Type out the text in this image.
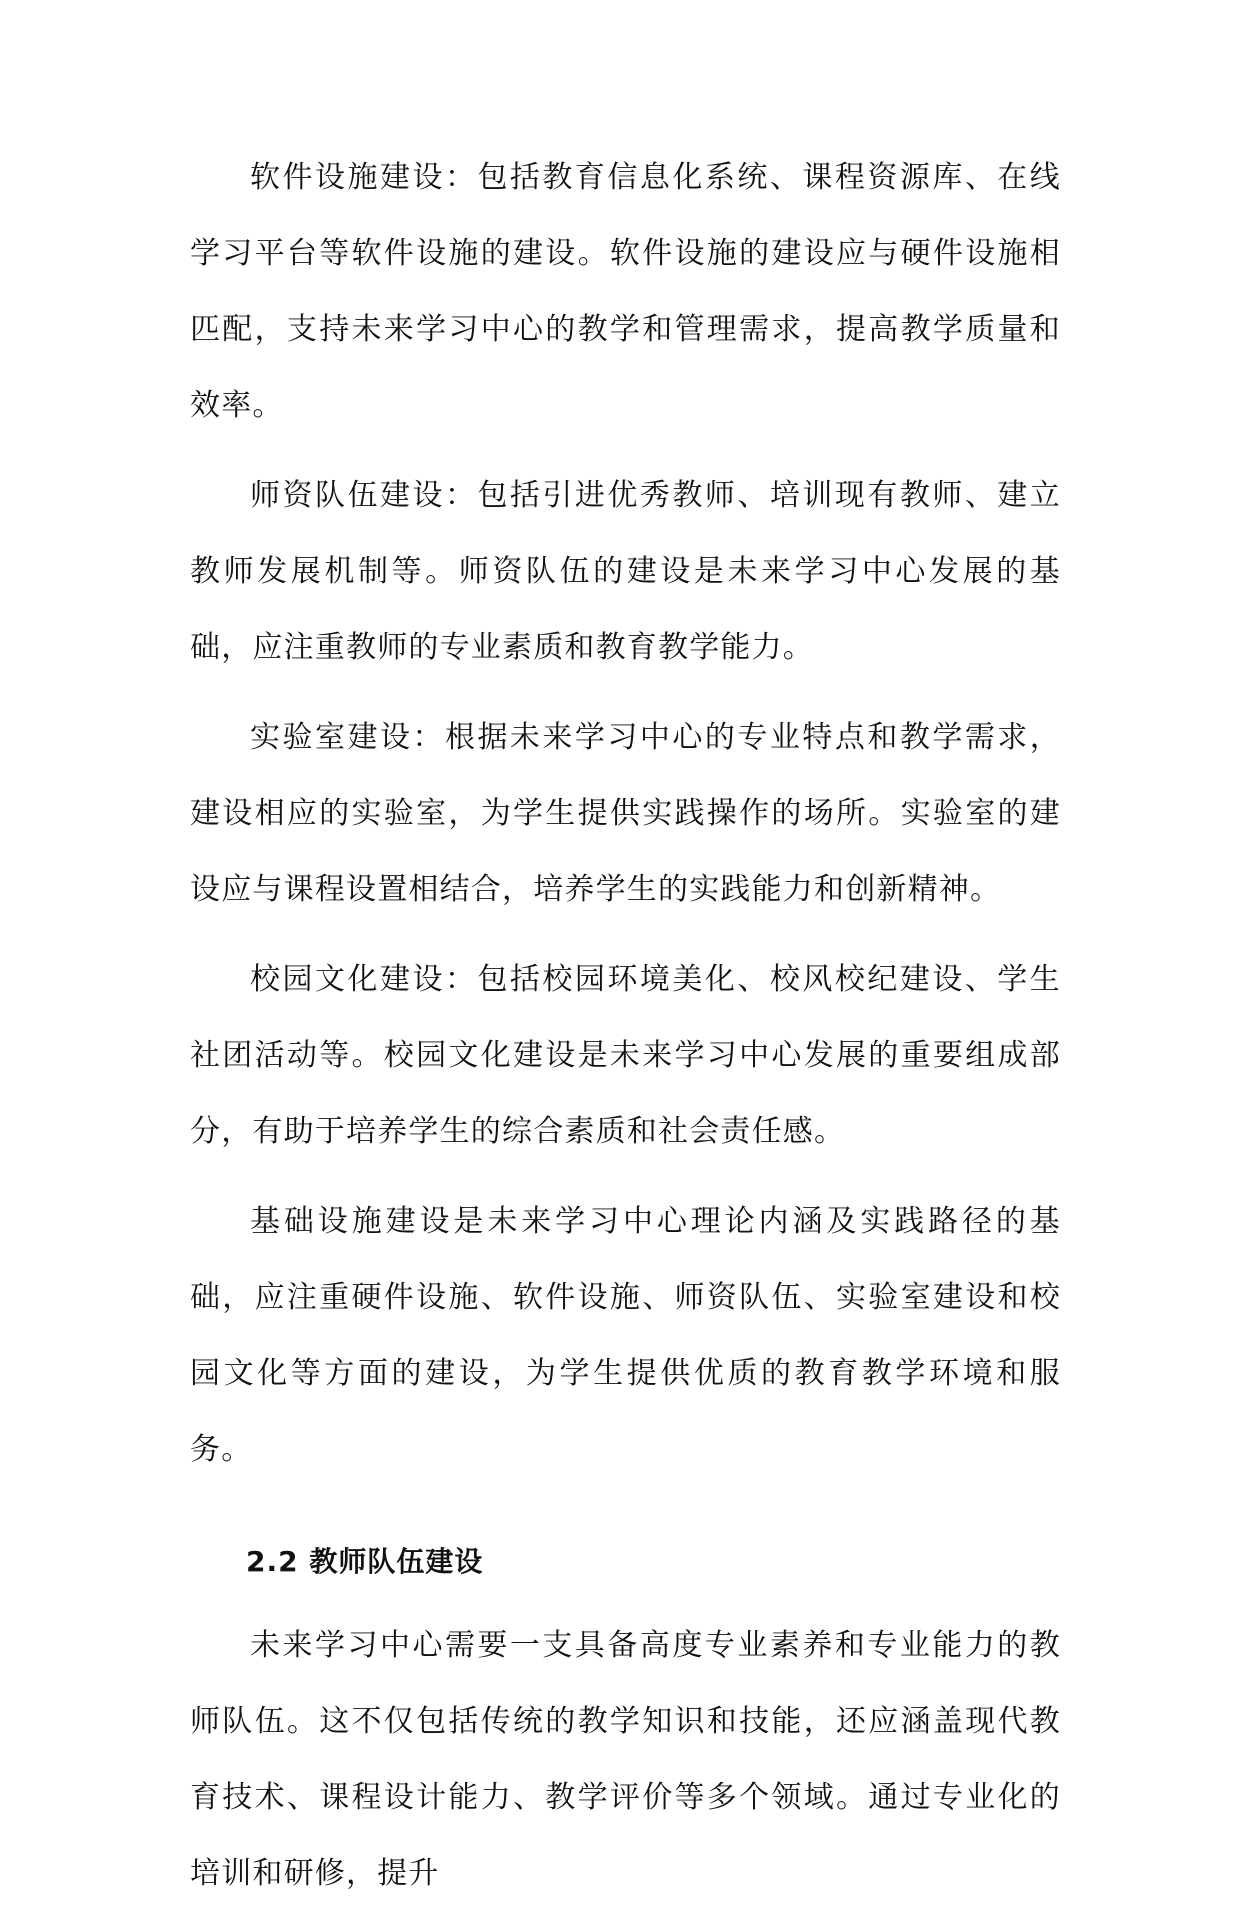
软件设施建设：包括教育信息化系统、课程资源库、在线学习平台等软件设施的建设。软件设施的建设应与硬件设施相匹配，支持未来学习中心的教学和管理需求，提高教学质量和效率。

师资队伍建设：包括引进优秀教师、培训现有教师、建立教师发展机制等。师资队伍的建设是未来学习中心发展的基础，应注重教师的专业素质和教育教学能力。

实验室建设：根据未来学习中心的专业特点和教学需求，建设相应的实验室，为学生提供实践操作的场所。实验室的建设应与课程设置相结合，培养学生的实践能力和创新精神。

校园文化建设：包括校园环境美化、校风校纪建设、学生社团活动等。校园文化建设是未来学习中心发展的重要组成部分，有助于培养学生的综合素质和社会责任感。

基础设施建设是未来学习中心理论内涵及实践路径的基础，应注重硬件设施、软件设施、师资队伍、实验室建设和校园文化等方面的建设，为学生提供优质的教育教学环境和服务。

2.2 教师队伍建设

未来学习中心需要一支具备高度专业素养和专业能力的教师队伍。这不仅包括传统的教学知识和技能，还应涵盖现代教育技术、课程设计能力、教学评价等多个领域。通过专业化的培训和研修，提升
